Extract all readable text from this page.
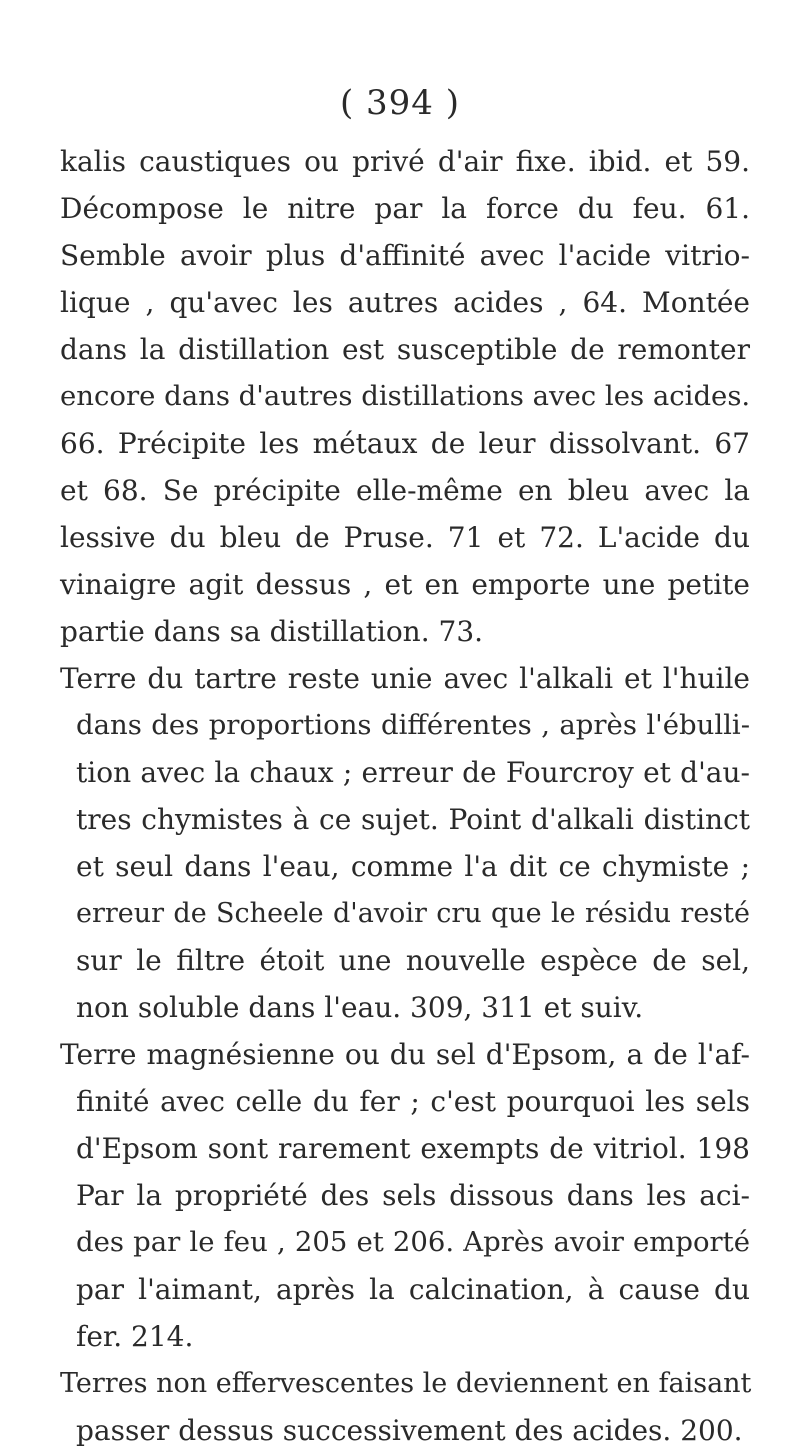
( 394 )
kalis caustiques ou privé d'air fixe. ibid. et 59.
Décompose le nitre par la force du feu. 61.
Semble avoir plus d'affinité avec l'acide vitrio-
lique , qu'avec les autres acides , 64. Montée
dans la distillation est susceptible de remonter
encore dans d'autres distillations avec les acides.
66. Précipite les métaux de leur dissolvant. 67
et 68. Se précipite elle-même en bleu avec la
lessive du bleu de Pruse. 71 et 72. L'acide du
vinaigre agit dessus , et en emporte une petite
partie dans sa distillation. 73.
Terre du tartre reste unie avec l'alkali et l'huile
dans des proportions différentes , après l'ébulli-
tion avec la chaux ; erreur de Fourcroy et d'au-
tres chymistes à ce sujet. Point d'alkali distinct
et seul dans l'eau, comme l'a dit ce chymiste ;
erreur de Scheele d'avoir cru que le résidu resté
sur le filtre étoit une nouvelle espèce de sel,
non soluble dans l'eau. 309, 311 et suiv.
Terre magnésienne ou du sel d'Epsom, a de l'af-
finité avec celle du fer ; c'est pourquoi les sels
d'Epsom sont rarement exempts de vitriol. 198
Par la propriété des sels dissous dans les aci-
des par le feu , 205 et 206. Après avoir emporté
par l'aimant, après la calcination, à cause du
fer. 214.
Terres non effervescentes le deviennent en faisant
passer dessus successivement des acides. 200.
